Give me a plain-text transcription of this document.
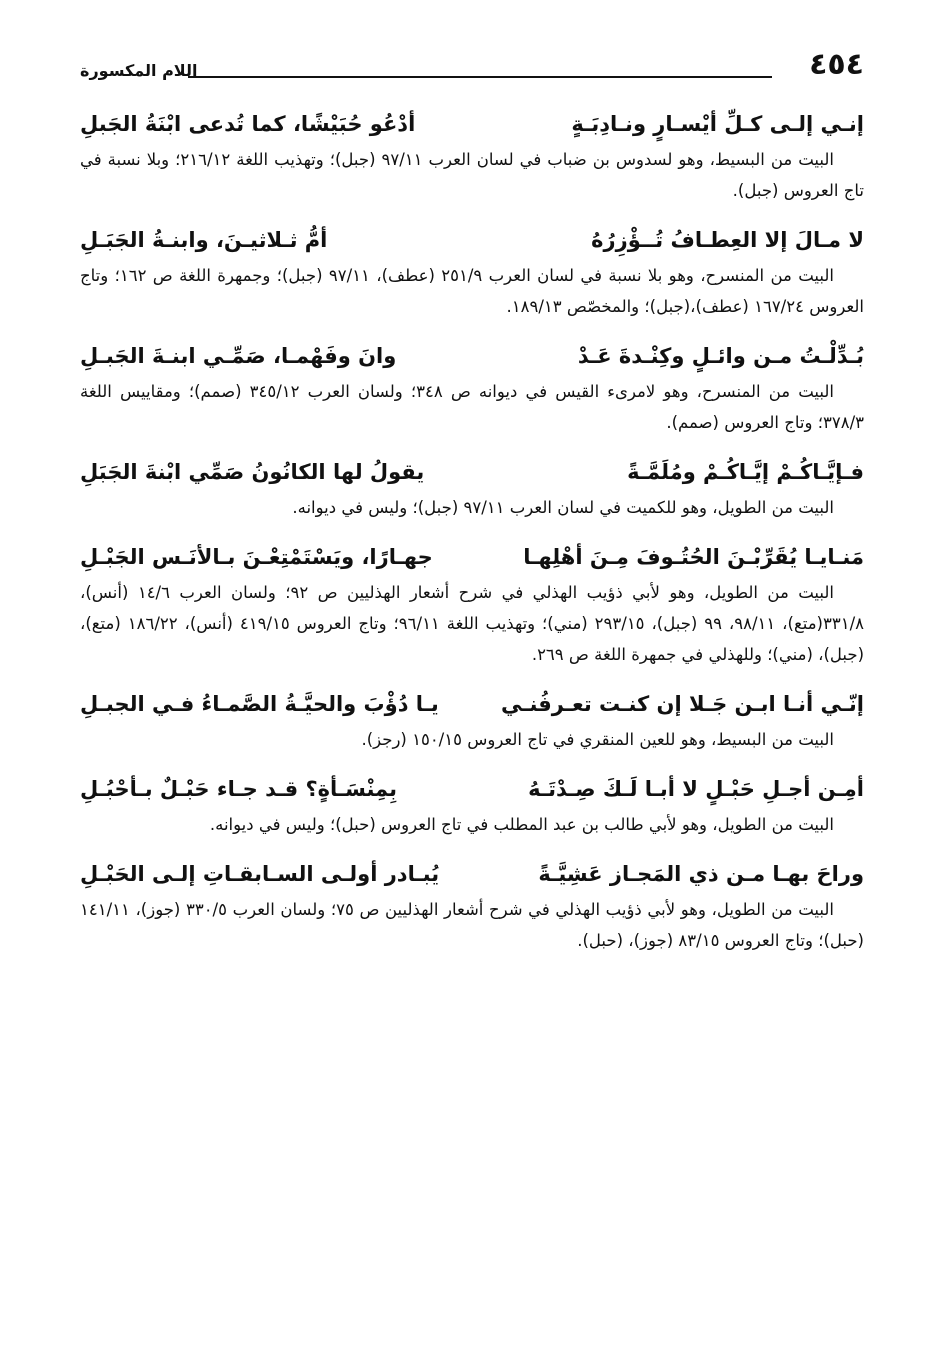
٤٥٤
اللام المكسورة
إنـي إلـى كـلِّ أيْسـارٍ ونـادِبَـةٍ
أدْعُو حُبَيْشًا، كما تُدعى ابْنَةُ الجَبلِ

البيت من البسيط، وهو لسدوس بن ضباب في لسان العرب ٩٧/١١ (جبل)؛ وتهذيب اللغة ٢١٦/١٢؛ وبلا نسبة في تاج العروس (جبل).

لا مـالَ إلا العِطـافُ تُــؤْزِرُهُ
أمُّ ثـلاثيـنَ، وابنـةُ الجَبَـلِ

البيت من المنسرح، وهو بلا نسبة في لسان العرب ٢٥١/٩ (عطف)، ٩٧/١١ (جبل)؛ وجمهرة اللغة ص ١٦٢؛ وتاج العروس ١٦٧/٢٤ (عطف)،(جبل)؛ والمخصّص ١٨٩/١٣.

بُـدِّلْـتُ مـن وائـلٍ وكِنْـدةَ عَـدْ
وانَ وفَهْمـا، صَمِّـي ابنـةَ الجَبـلِ

البيت من المنسرح، وهو لامرىء القيس في ديوانه ص ٣٤٨؛ ولسان العرب ٣٤٥/١٢ (صمم)؛ ومقاييس اللغة ٣٧٨/٣؛ وتاج العروس (صمم).

فـإيَّـاكُـمْ إيَّـاكُـمْ ومُلَمَّـةً
يقولُ لها الكانُونُ صَمِّي ابْنةَ الجَبَلِ

البيت من الطويل، وهو للكميت في لسان العرب ٩٧/١١ (جبل)؛ وليس في ديوانه.

مَنـايـا يُقَرِّبْـنَ الحُتُـوفَ مِـنَ أهْلِهـا
جهـارًا، ويَسْتَمْتِعْـنَ بـالأنَـس الجَبْـلِ

البيت من الطويل، وهو لأبي ذؤيب الهذلي في شرح أشعار الهذليين ص ٩٢؛ ولسان العرب ١٤/٦ (أنس)، ٣٣١/٨(متع)، ٩٨/١١، ٩٩ (جبل)، ٢٩٣/١٥ (مني)؛ وتهذيب اللغة ٩٦/١١؛ وتاج العروس ٤١٩/١٥ (أنس)، ١٨٦/٢٢ (متع)، (جبل)، (مني)؛ وللهذلي في جمهرة اللغة ص ٢٦٩.

إنّـي أنـا ابـن جَـلا إن كنـت تعـرفُنـي
يـا دُؤْبَ والحيَّـةُ الصَّمـاءُ فـي الجبـلِ

البيت من البسيط، وهو للعين المنقري في تاج العروس ١٥٠/١٥ (رجز).

أمِـن أجـلِ حَبْـلٍ لا أبـا لَـكَ صِـدْتَـهُ
بِمِنْسَـأةٍ؟ قـد جـاء حَبْـلٌ بـأحْبُـلِ

البيت من الطويل، وهو لأبي طالب بن عبد المطلب في تاج العروس (حبل)؛ وليس في ديوانه.

وراحَ بهـا مـن ذي المَجـاز عَشِيَّـةً
يُبـادر أولـى السـابقـاتِ إلـى الحَبْـلِ

البيت من الطويل، وهو لأبي ذؤيب الهذلي في شرح أشعار الهذليين ص ٧٥؛ ولسان العرب ٣٣٠/٥ (جوز)، ١٤١/١١ (حبل)؛ وتاج العروس ٨٣/١٥ (جوز)، (حبل).
